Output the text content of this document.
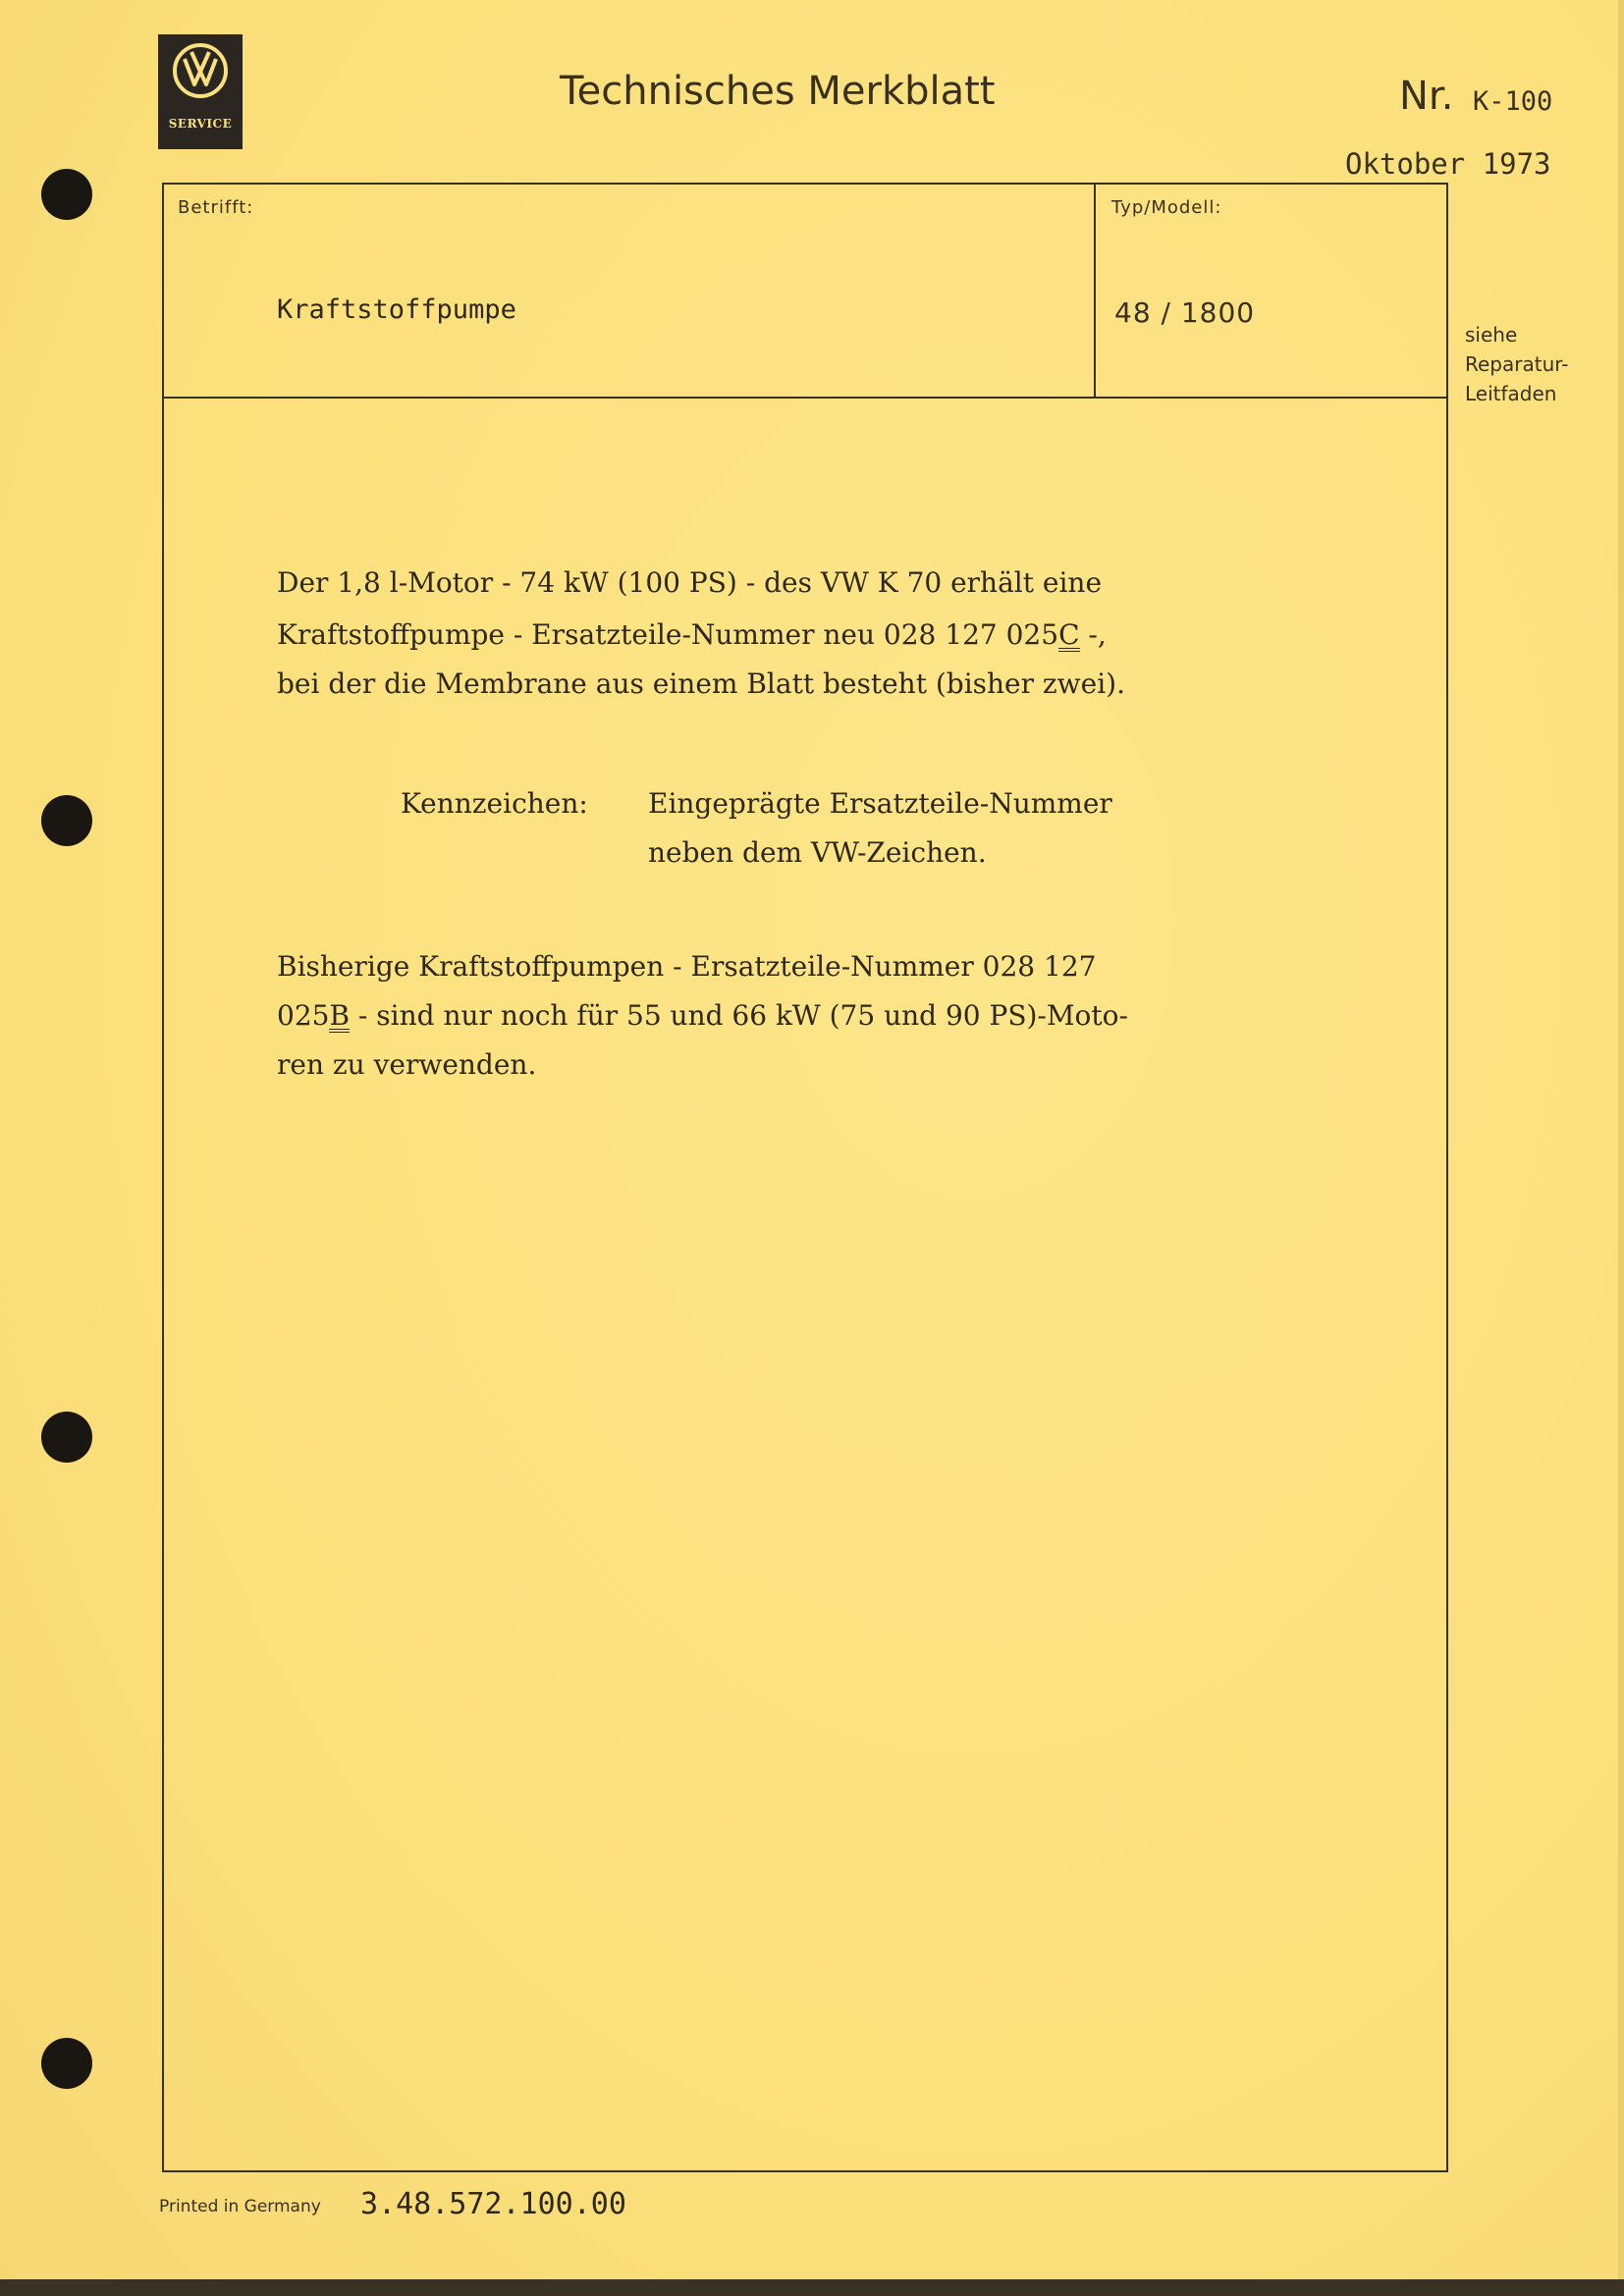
SERVICE
Technisches Merkblatt	Nr. K-100
Oktober 1973
Betrifft:	Typ/Modell:
Kraftstoffpumpe	48 / 1800
siehe
Reparatur-
Leitfaden
Der 1,8 l-Motor - 74 kW (100 PS) - des VW K 70 erhält eine
Kraftstoffpumpe - Ersatzteile-Nummer neu 028 127 025C -,
bei der die Membrane aus einem Blatt besteht (bisher zwei).
Kennzeichen: Eingeprägte Ersatzteile-Nummer
neben dem VW-Zeichen.
Bisherige Kraftstoffpumpen - Ersatzteile-Nummer 028 127
025B - sind nur noch für 55 und 66 kW (75 und 90 PS)-Moto-
ren zu verwenden.
Printed in Germany 3.48.572.100.00
